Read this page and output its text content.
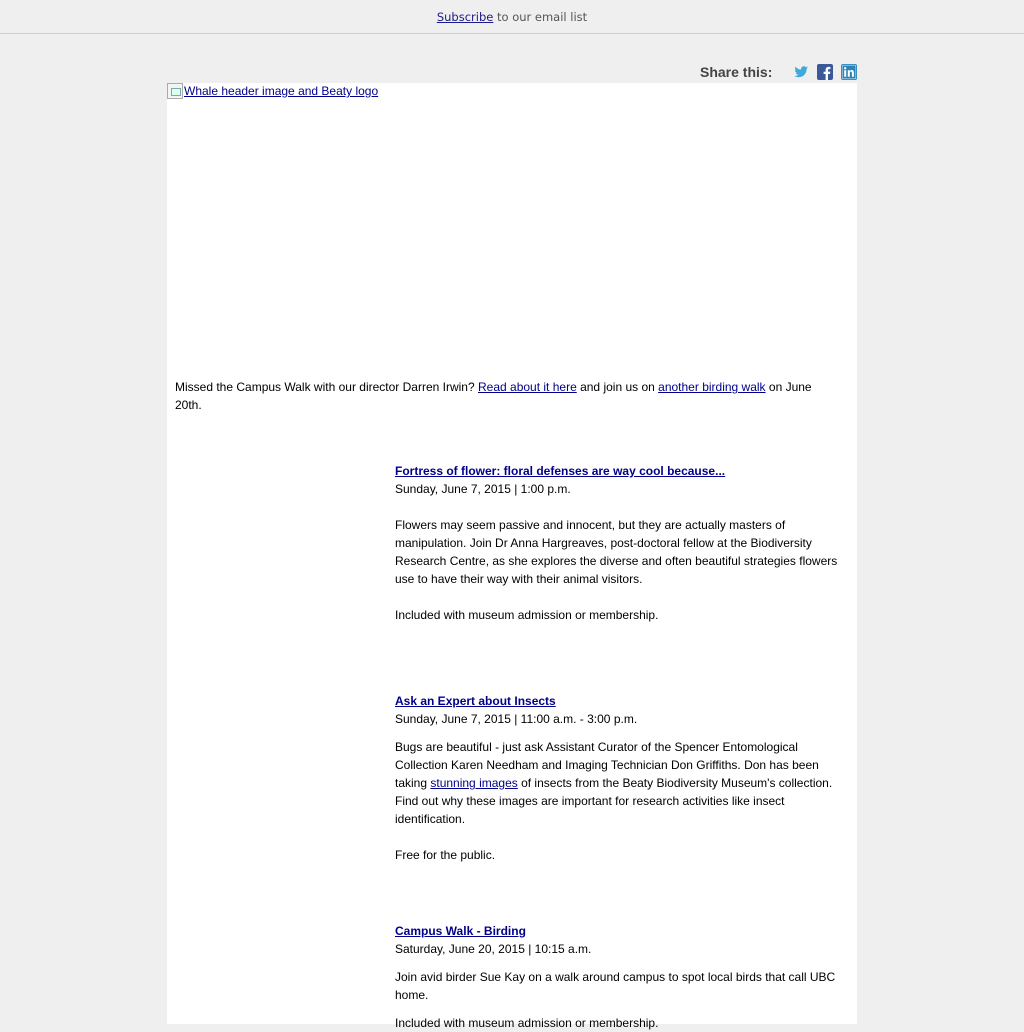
Subscribe to our email list
Share this:
Whale header image and Beaty logo
Missed the Campus Walk with our director Darren Irwin? Read about it here and join us on another birding walk on June 20th.

Fortress of flower: floral defenses are way cool because...

Sunday, June 7, 2015 | 1:00 p.m.

Flowers may seem passive and innocent, but they are actually masters of manipulation. Join Dr Anna Hargreaves, post-doctoral fellow at the Biodiversity Research Centre, as she explores the diverse and often beautiful strategies flowers use to have their way with their animal visitors.

Included with museum admission or membership.

Ask an Expert about Insects

Sunday, June 7, 2015 | 11:00 a.m. - 3:00 p.m.

Bugs are beautiful - just ask Assistant Curator of the Spencer Entomological Collection Karen Needham and Imaging Technician Don Griffiths. Don has been taking stunning images of insects from the Beaty Biodiversity Museum's collection. Find out why these images are important for research activities like insect identification.

Free for the public.

Campus Walk - Birding

Saturday, June 20, 2015 | 10:15 a.m.

Join avid birder Sue Kay on a walk around campus to spot local birds that call UBC home.

Included with museum admission or membership.
